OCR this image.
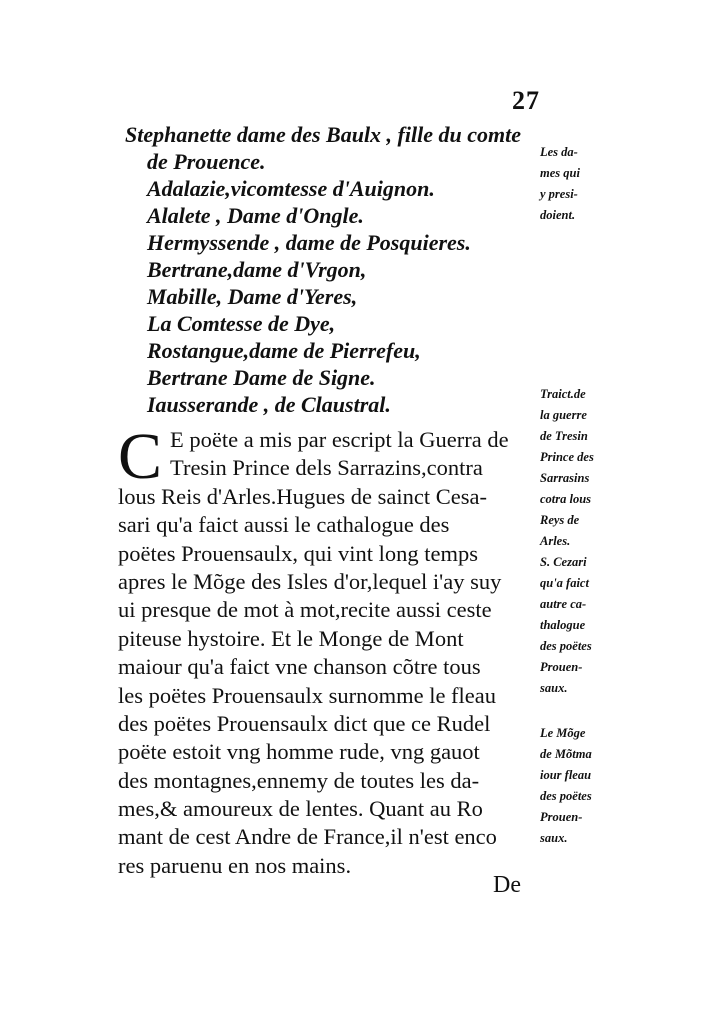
27
Stephanette dame des Baulx , fille du comte
de Prouence.
Adalazie,vicomtesse d'Auignon.
Alalete , Dame d'Ongle.
Hermyssende , dame de Posquieres.
Bertrane,dame d'Vrgon,
Mabille, Dame d'Yeres,
La Comtesse de Dye,
Rostangue,dame de Pierrefeu,
Bertrane Dame de Signe.
Iausserande , de Claustral.
C E poëte a mis par escript la Guerra de
Tresin Prince dels Sarrazins,contra
lous Reis d'Arles.Hugues de sainct Cesa-
sari qu'a faict aussi le cathalogue des
poëtes Prouensaulx, qui vint long temps
apres le Mõge des Isles d'or,lequel i'ay suy
ui presque de mot à mot,recite aussi ceste
piteuse hystoire. Et le Monge de Mont
maiour qu'a faict vne chanson cõtre tous
les poëtes Prouensaulx surnomme le fleau
des poëtes Prouensaulx dict que ce Rudel
poëte estoit vng homme rude, vng gauot
des montagnes,ennemy de toutes les da-
mes,& amoureux de lentes. Quant au Ro
mant de cest Andre de France,il n'est enco
res paruenu en nos mains.
De
Les da-
mes qui
y presi-
doient.
Traict.de
la guerre
de Tresin
Prince des
Sarrasins
cotra lous
Reys de
Arles.
S. Cezari
qu'a faict
autre ca-
thalogue
des poëtes
Prouen-
saux.
Le Mõge
de Mõtma
iour fleau
des poëtes
Prouen-
saux.
